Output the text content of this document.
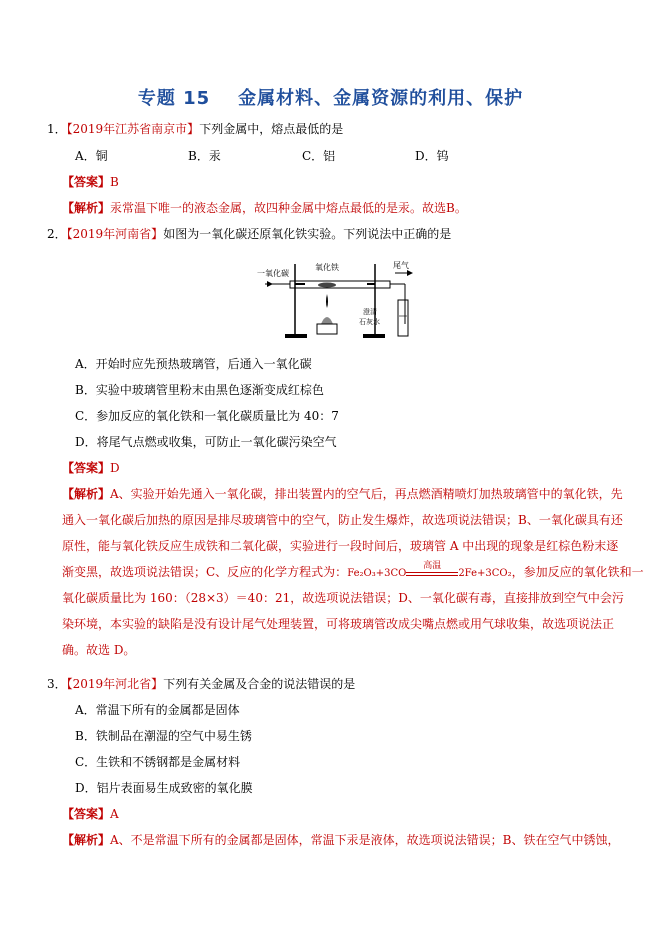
专题 15 金属材料、金属资源的利用、保护
1．【2019年江苏省南京市】下列金属中，熔点最低的是
A．铜	B．汞	C．铝	D．钨
【答案】B
【解析】汞常温下唯一的液态金属，故四种金属中熔点最低的是汞。故选B。
2．【2019年河南省】如图为一氧化碳还原氧化铁实验。下列说法中正确的是
一氧化碳
氧化铁	尾气
澄清
石灰水
A．开始时应先预热玻璃管，后通入一氧化碳
B．实验中玻璃管里粉末由黑色逐渐变成红棕色
C．参加反应的氧化铁和一氧化碳质量比为 40：7
D．将尾气点燃或收集，可防止一氧化碳污染空气
【答案】D
【解析】A、实验开始先通入一氧化碳，排出装置内的空气后，再点燃酒精喷灯加热玻璃管中的氧化铁，先
通入一氧化碳后加热的原因是排尽玻璃管中的空气，防止发生爆炸，故选项说法错误；B、一氧化碳具有还
原性，能与氧化铁反应生成铁和二氧化碳，实验进行一段时间后，玻璃管 A 中出现的现象是红棕色粉末逐
渐变黑，故选项说法错误；C、反应的化学方程式为：Fe₂O₃+3CO
高温
2Fe+3CO₂，参加反应的氧化铁和一
氧化碳质量比为 160：（28×3）＝40：21，故选项说法错误；D、一氧化碳有毒，直接排放到空气中会污
染环境，本实验的缺陷是没有设计尾气处理装置，可将玻璃管改成尖嘴点燃或用气球收集，故选项说法正
确。故选 D。
3．【2019年河北省】下列有关金属及合金的说法错误的是
A．常温下所有的金属都是固体
B．铁制品在潮湿的空气中易生锈
C．生铁和不锈钢都是金属材料
D．铝片表面易生成致密的氧化膜
【答案】A
【解析】A、不是常温下所有的金属都是固体，常温下汞是液体，故选项说法错误；B、铁在空气中锈蚀，
